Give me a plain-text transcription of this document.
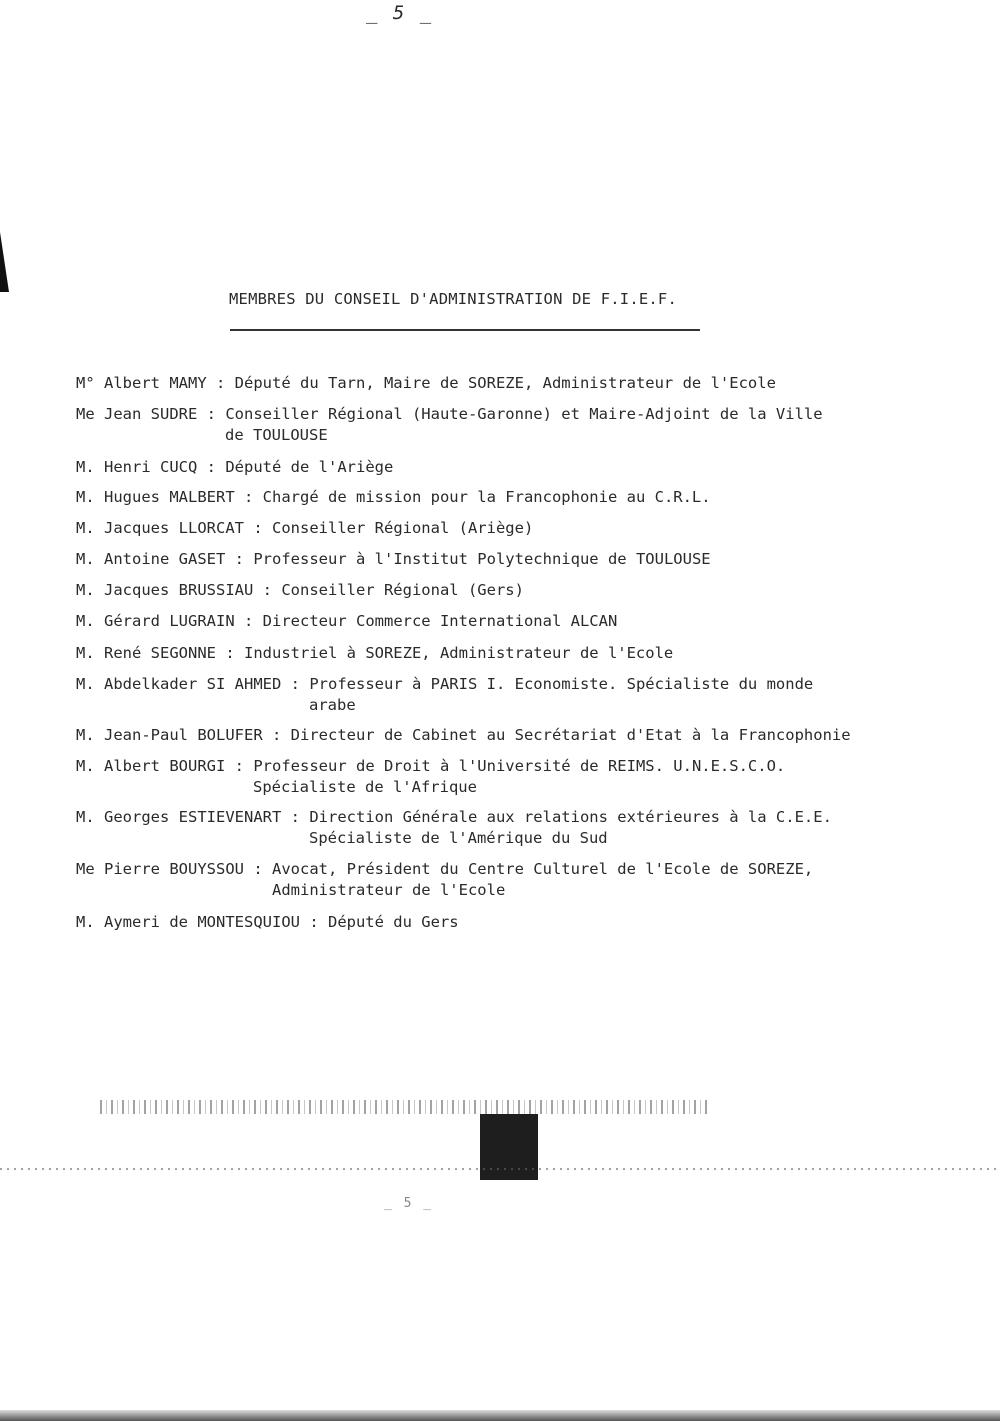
_ 5 _
MEMBRES DU CONSEIL D'ADMINISTRATION DE F.I.E.F.
M° Albert MAMY : Député du Tarn, Maire de SOREZE, Administrateur de l'Ecole
Me Jean SUDRE : Conseiller Régional (Haute-Garonne) et Maire-Adjoint de la Ville
de TOULOUSE
M. Henri CUCQ : Député de l'Ariège
M. Hugues MALBERT : Chargé de mission pour la Francophonie au C.R.L.
M. Jacques LLORCAT : Conseiller Régional (Ariège)
M. Antoine GASET : Professeur à l'Institut Polytechnique de TOULOUSE
M. Jacques BRUSSIAU : Conseiller Régional (Gers)
M. Gérard LUGRAIN : Directeur Commerce International ALCAN
M. René SEGONNE : Industriel à SOREZE, Administrateur de l'Ecole
M. Abdelkader SI AHMED : Professeur à PARIS I. Economiste. Spécialiste du monde
arabe
M. Jean-Paul BOLUFER : Directeur de Cabinet au Secrétariat d'Etat à la Francophonie
M. Albert BOURGI : Professeur de Droit à l'Université de REIMS. U.N.E.S.C.O.
Spécialiste de l'Afrique
M. Georges ESTIEVENART : Direction Générale aux relations extérieures à la C.E.E.
Spécialiste de l'Amérique du Sud
Me Pierre BOUYSSOU : Avocat, Président du Centre Culturel de l'Ecole de SOREZE,
Administrateur de l'Ecole
M. Aymeri de MONTESQUIOU : Député du Gers
_ 5 _
